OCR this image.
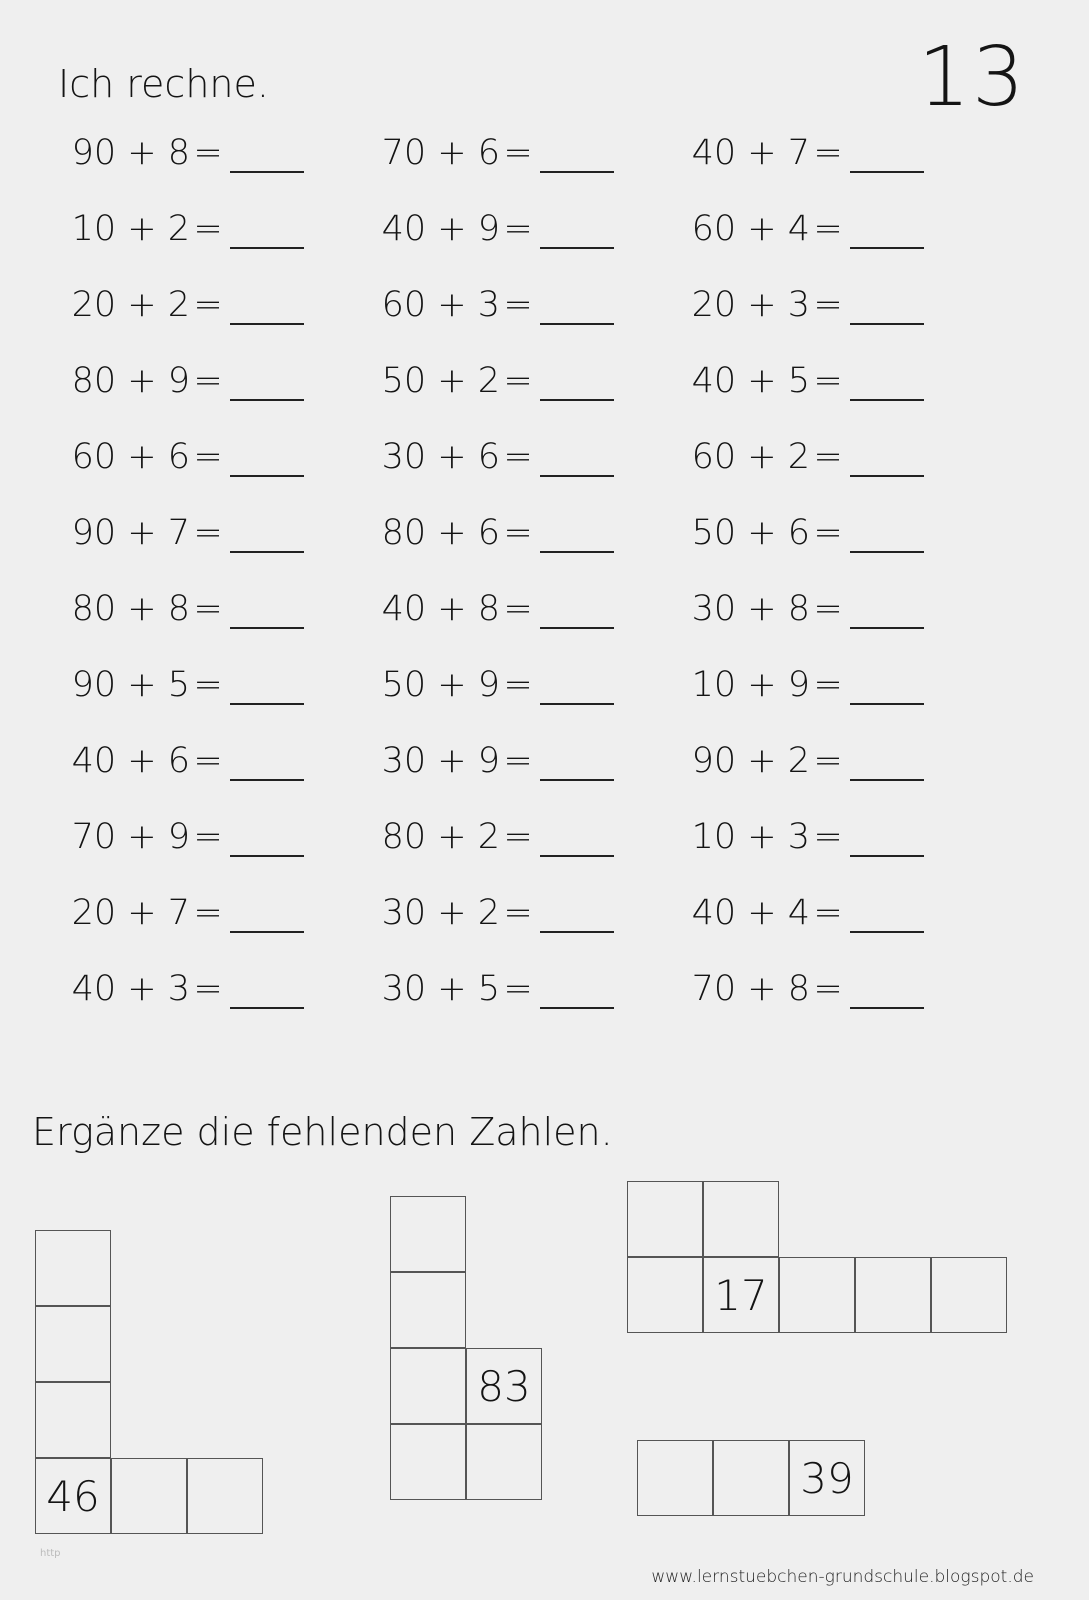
13
Ich rechne.
90 + 8=
10 + 2=
20 + 2=
80 + 9=
60 + 6=
90 + 7=
80 + 8=
90 + 5=
40 + 6=
70 + 9=
20 + 7=
40 + 3=
70 + 6=
40 + 9=
60 + 3=
50 + 2=
30 + 6=
80 + 6=
40 + 8=
50 + 9=
30 + 9=
80 + 2=
30 + 2=
30 + 5=
40 + 7=
60 + 4=
20 + 3=
40 + 5=
60 + 2=
50 + 6=
30 + 8=
10 + 9=
90 + 2=
10 + 3=
40 + 4=
70 + 8=
Ergänze die fehlenden Zahlen.
46
83
17
39
http
www.lernstuebchen-grundschule.blogspot.de
